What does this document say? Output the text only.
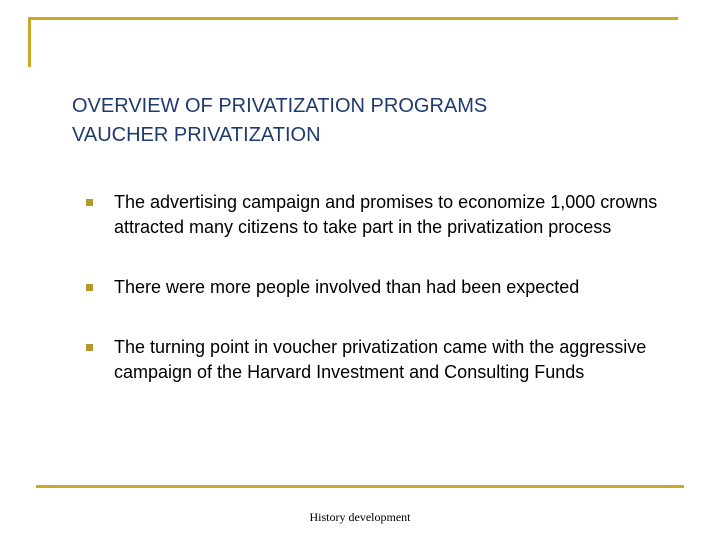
OVERVIEW OF PRIVATIZATION PROGRAMS
VAUCHER PRIVATIZATION
The advertising campaign and promises to economize 1,000 crowns attracted many citizens to take part in the privatization process
There were more people involved than had been expected
The turning point in voucher privatization came with the aggressive campaign of the Harvard Investment and Consulting Funds
History development
